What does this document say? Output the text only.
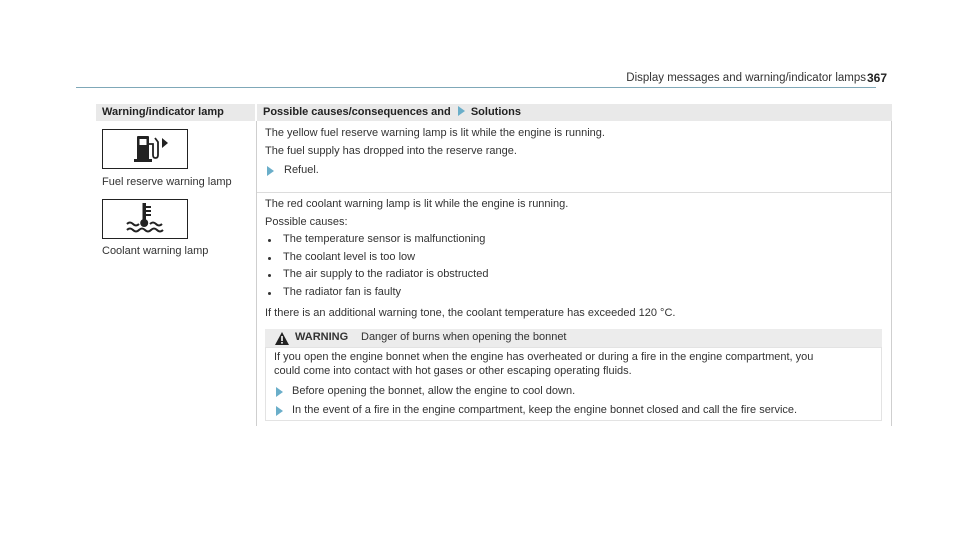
Display messages and warning/indicator lamps 367
Warning/indicator lamp	Possible causes/consequences and Solutions
Fuel reserve warning lamp
The yellow fuel reserve warning lamp is lit while the engine is running.
The fuel supply has dropped into the reserve range.
Refuel.
Coolant warning lamp
The red coolant warning lamp is lit while the engine is running.
Possible causes:
The temperature sensor is malfunctioning
The coolant level is too low
The air supply to the radiator is obstructed
The radiator fan is faulty
If there is an additional warning tone, the coolant temperature has exceeded 120 °C.
WARNING Danger of burns when opening the bonnet
If you open the engine bonnet when the engine has overheated or during a fire in the engine compartment, you
could come into contact with hot gases or other escaping operating fluids.
Before opening the bonnet, allow the engine to cool down.
In the event of a fire in the engine compartment, keep the engine bonnet closed and call the fire service.
